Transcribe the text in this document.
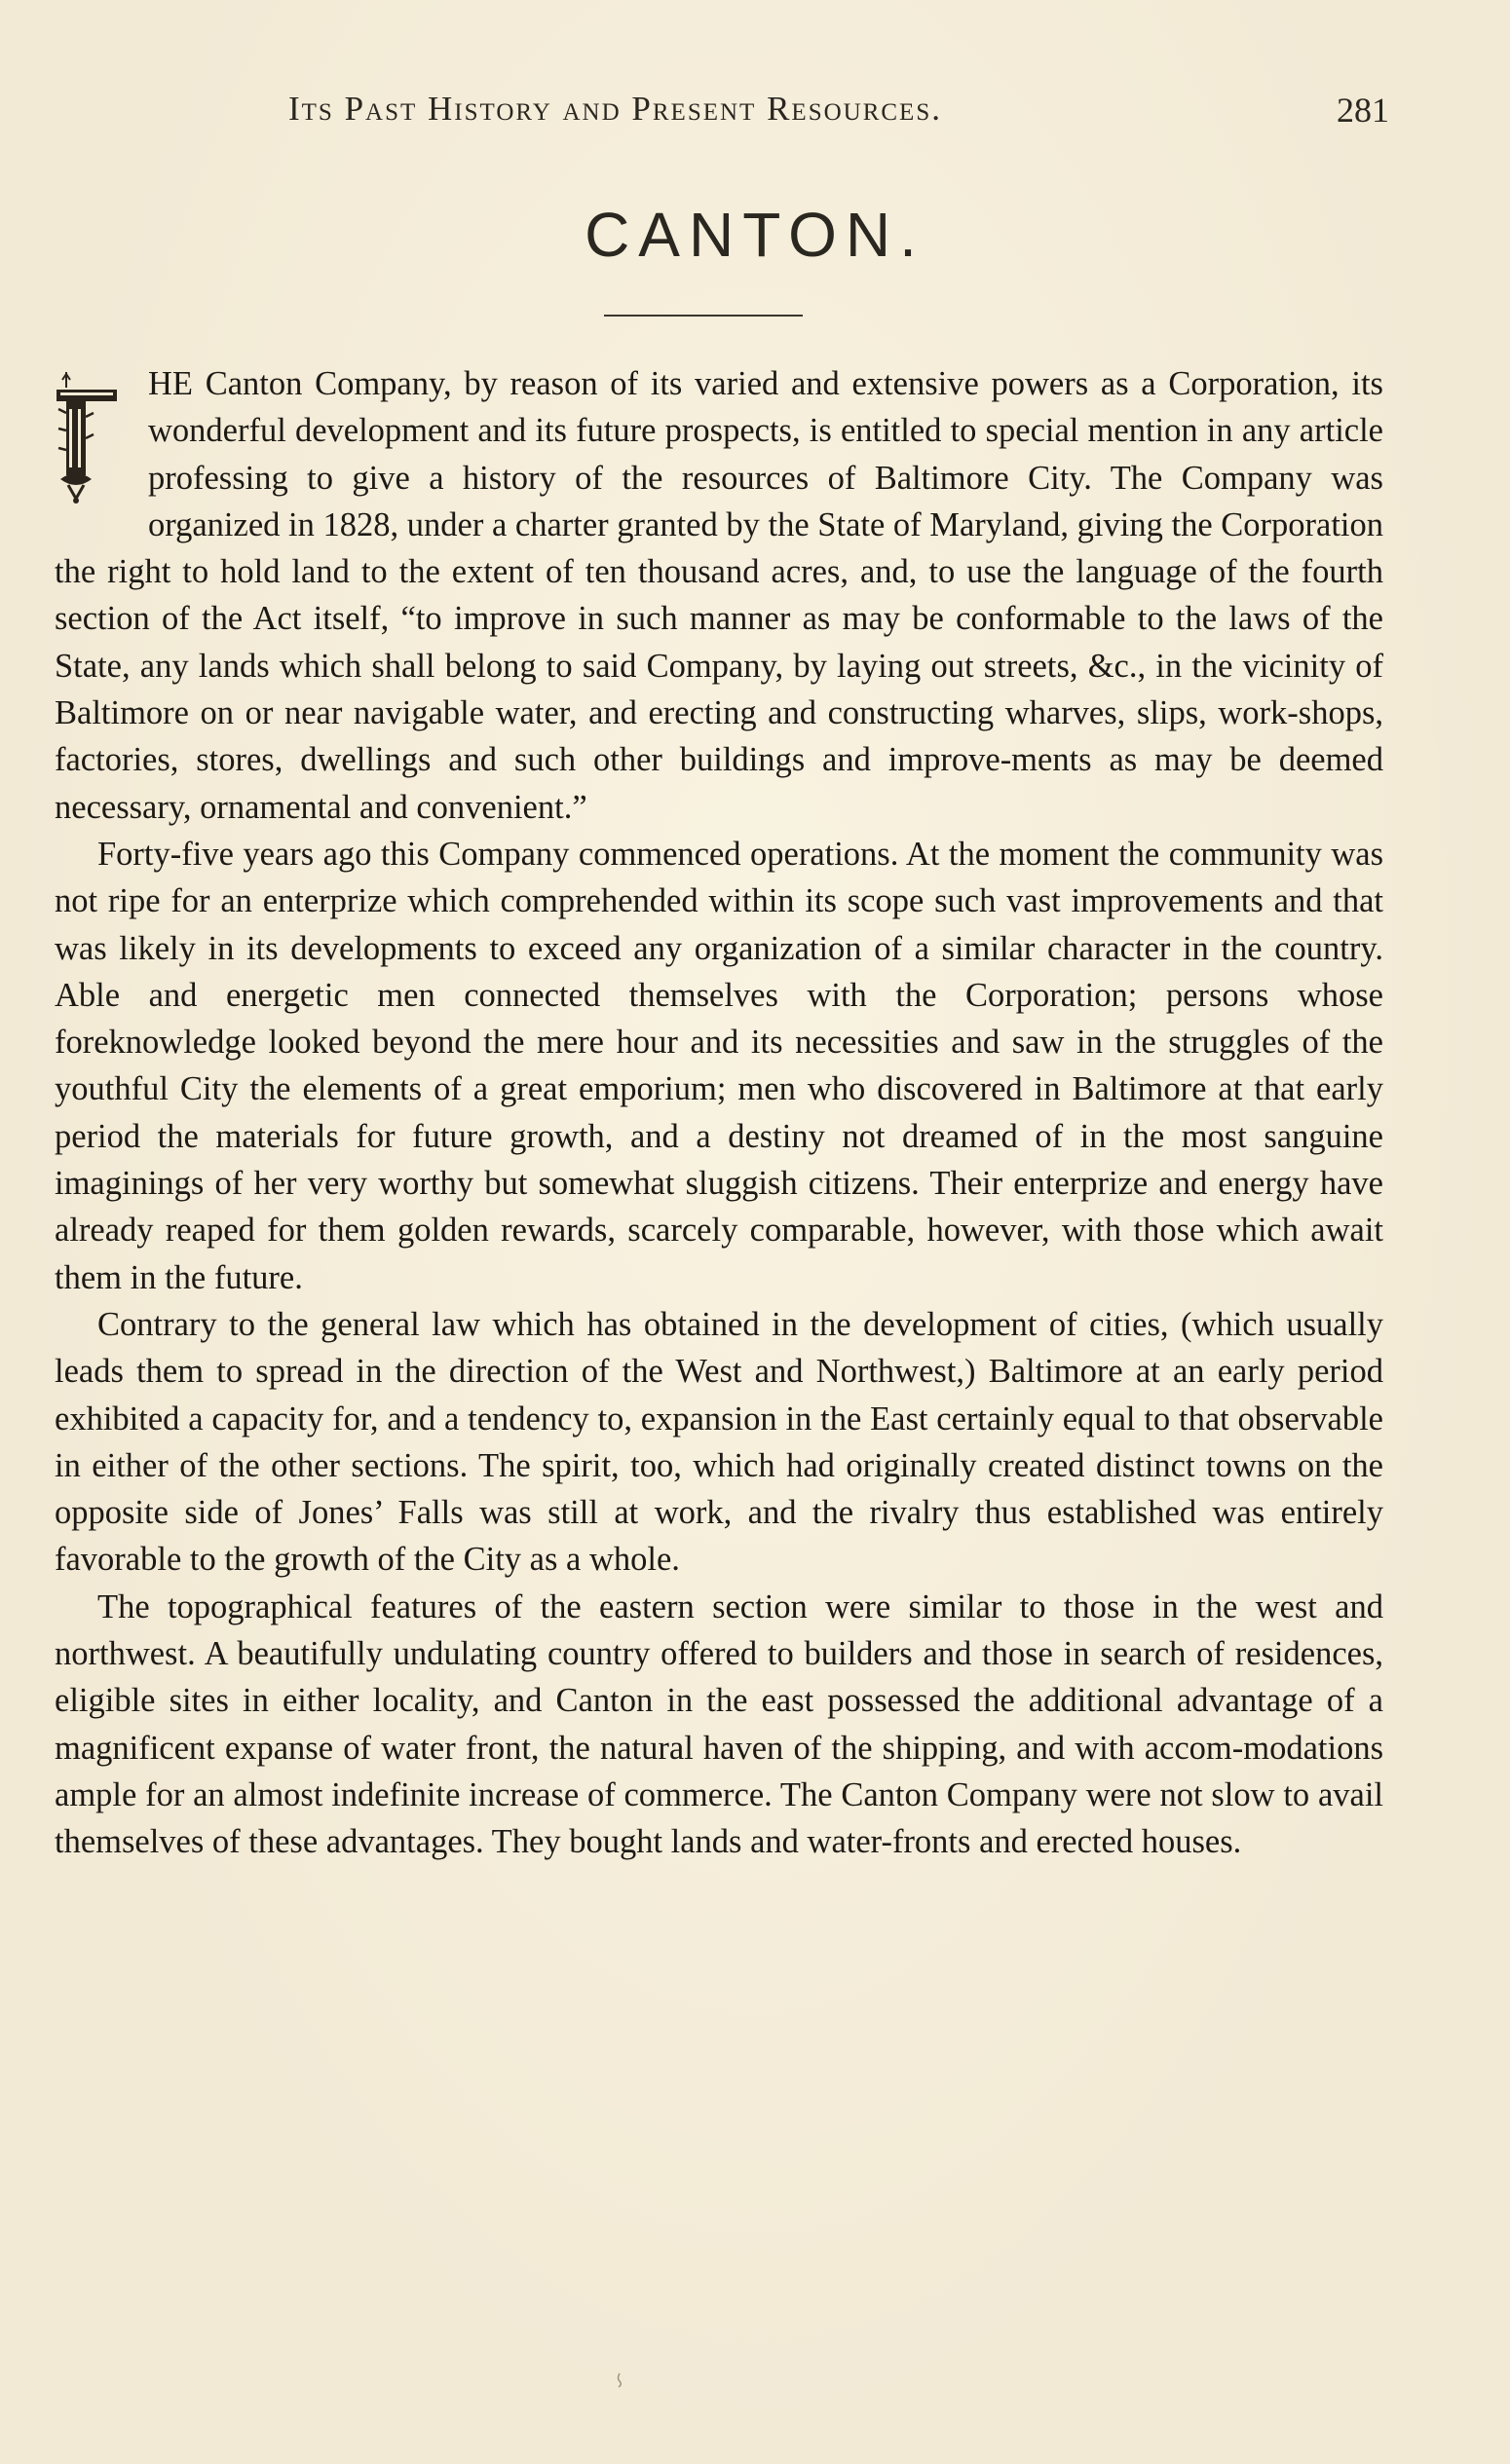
Its Past History and Present Resources.	281
CANTON.

HE Canton Company, by reason of its varied and extensive powers as a Corporation, its wonderful development and its future prospects, is entitled to special mention in any article professing to give a history of the resources of Baltimore City. The Company was organized in 1828, under a charter granted by the State of Maryland, giving the Corporation the right to hold land to the extent of ten thousand acres, and, to use the language of the fourth section of the Act itself, “to improve in such manner as may be conformable to the laws of the State, any lands which shall belong to said Company, by laying out streets, &c., in the vicinity of Baltimore on or near navigable water, and erecting and constructing wharves, slips, work-shops, factories, stores, dwellings and such other buildings and improve-ments as may be deemed necessary, ornamental and convenient.”

Forty-five years ago this Company commenced operations. At the moment the community was not ripe for an enterprize which comprehended within its scope such vast improvements and that was likely in its developments to exceed any organization of a similar character in the country. Able and energetic men connected themselves with the Corporation; persons whose foreknowledge looked beyond the mere hour and its necessities and saw in the struggles of the youthful City the elements of a great emporium; men who discovered in Baltimore at that early period the materials for future growth, and a destiny not dreamed of in the most sanguine imaginings of her very worthy but somewhat sluggish citizens. Their enterprize and energy have already reaped for them golden rewards, scarcely comparable, however, with those which await them in the future.

Contrary to the general law which has obtained in the development of cities, (which usually leads them to spread in the direction of the West and Northwest,) Baltimore at an early period exhibited a capacity for, and a tendency to, expansion in the East certainly equal to that observable in either of the other sections. The spirit, too, which had originally created distinct towns on the opposite side of Jones’ Falls was still at work, and the rivalry thus established was entirely favorable to the growth of the City as a whole.

The topographical features of the eastern section were similar to those in the west and northwest. A beautifully undulating country offered to builders and those in search of residences, eligible sites in either locality, and Canton in the east possessed the additional advantage of a magnificent expanse of water front, the natural haven of the shipping, and with accom-modations ample for an almost indefinite increase of commerce. The Canton Company were not slow to avail themselves of these advantages. They bought lands and water-fronts and erected houses.
